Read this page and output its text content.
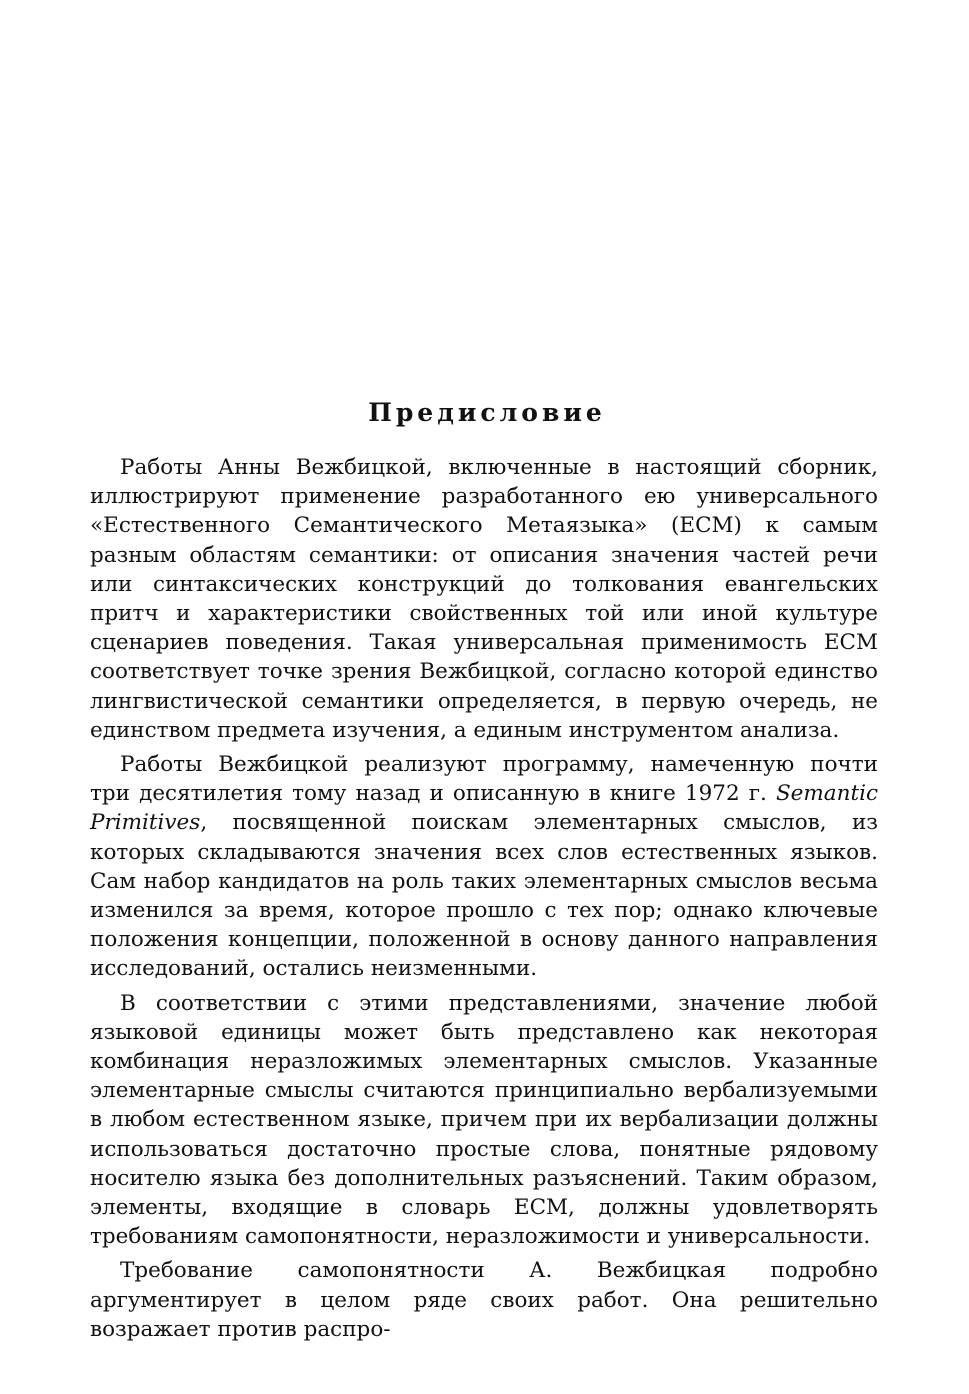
Предисловие

Работы Анны Вежбицкой, включенные в настоящий сборник, иллюстрируют применение разработанного ею универсального «Естественного Семантического Метаязыка» (ЕСМ) к самым разным областям семантики: от описания значения частей речи или синтаксических конструкций до толкования евангельских притч и характеристики свойственных той или иной культуре сценариев поведения. Такая универсальная применимость ЕСМ соответствует точке зрения Вежбицкой, согласно которой единство лингвистической семантики определяется, в первую очередь, не единством предмета изучения, а единым инструментом анализа.

Работы Вежбицкой реализуют программу, намеченную почти три десятилетия тому назад и описанную в книге 1972 г. Semantic Primitives, посвященной поискам элементарных смыслов, из которых складываются значения всех слов естественных языков. Сам набор кандидатов на роль таких элементарных смыслов весьма изменился за время, которое прошло с тех пор; однако ключевые положения концепции, положенной в основу данного направления исследований, остались неизменными.

В соответствии с этими представлениями, значение любой языковой единицы может быть представлено как некоторая комбинация неразложимых элементарных смыслов. Указанные элементарные смыслы считаются принципиально вербализуемыми в любом естественном языке, причем при их вербализации должны использоваться достаточно простые слова, понятные рядовому носителю языка без дополнительных разъяснений. Таким образом, элементы, входящие в словарь ЕСМ, должны удовлетворять требованиям самопонятности, неразложимости и универсальности.

Требование самопонятности А. Вежбицкая подробно аргументирует в целом ряде своих работ. Она решительно возражает против распро-
